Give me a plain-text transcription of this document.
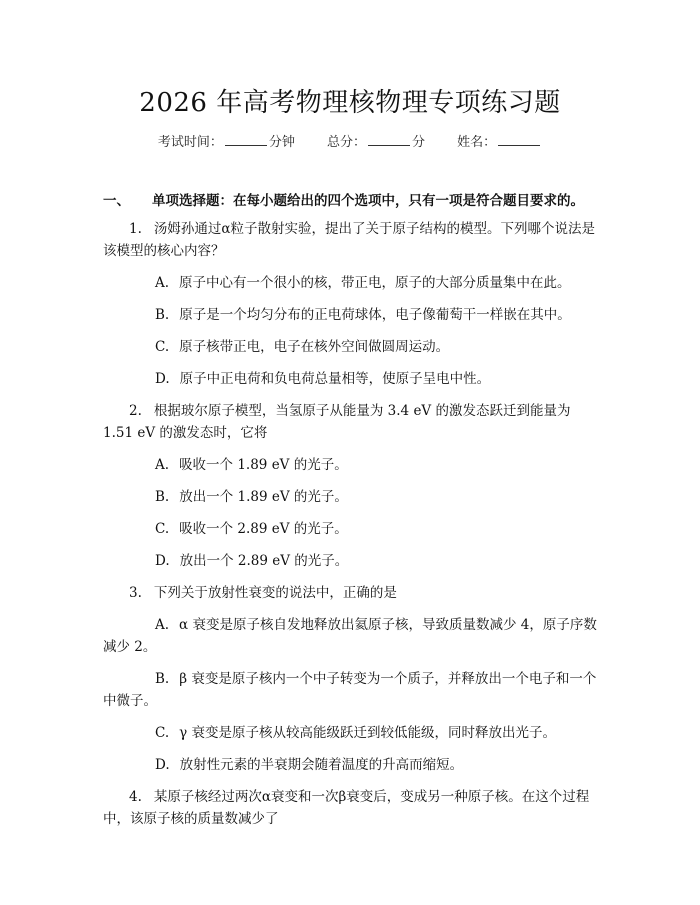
2026 年高考物理核物理专项练习题
考试时间：	分钟 总分：	分 姓名：
一、 单项选择题：在每小题给出的四个选项中，只有一项是符合题目要求的。

1. 汤姆孙通过α粒子散射实验，提出了关于原子结构的模型。下列哪个说法是该模型的核心内容？

A. 原子中心有一个很小的核，带正电，原子的大部分质量集中在此。

B. 原子是一个均匀分布的正电荷球体，电子像葡萄干一样嵌在其中。

C. 原子核带正电，电子在核外空间做圆周运动。

D. 原子中正电荷和负电荷总量相等，使原子呈电中性。

2. 根据玻尔原子模型，当氢原子从能量为 3.4 eV 的激发态跃迁到能量为 1.51 eV 的激发态时，它将

A. 吸收一个 1.89 eV 的光子。

B. 放出一个 1.89 eV 的光子。

C. 吸收一个 2.89 eV 的光子。

D. 放出一个 2.89 eV 的光子。

3. 下列关于放射性衰变的说法中，正确的是

A. α 衰变是原子核自发地释放出氦原子核，导致质量数减少 4，原子序数减少 2。

B. β 衰变是原子核内一个中子转变为一个质子，并释放出一个电子和一个中微子。

C. γ 衰变是原子核从较高能级跃迁到较低能级，同时释放出光子。

D. 放射性元素的半衰期会随着温度的升高而缩短。

4. 某原子核经过两次α衰变和一次β衰变后，变成另一种原子核。在这个过程中，该原子核的质量数减少了
